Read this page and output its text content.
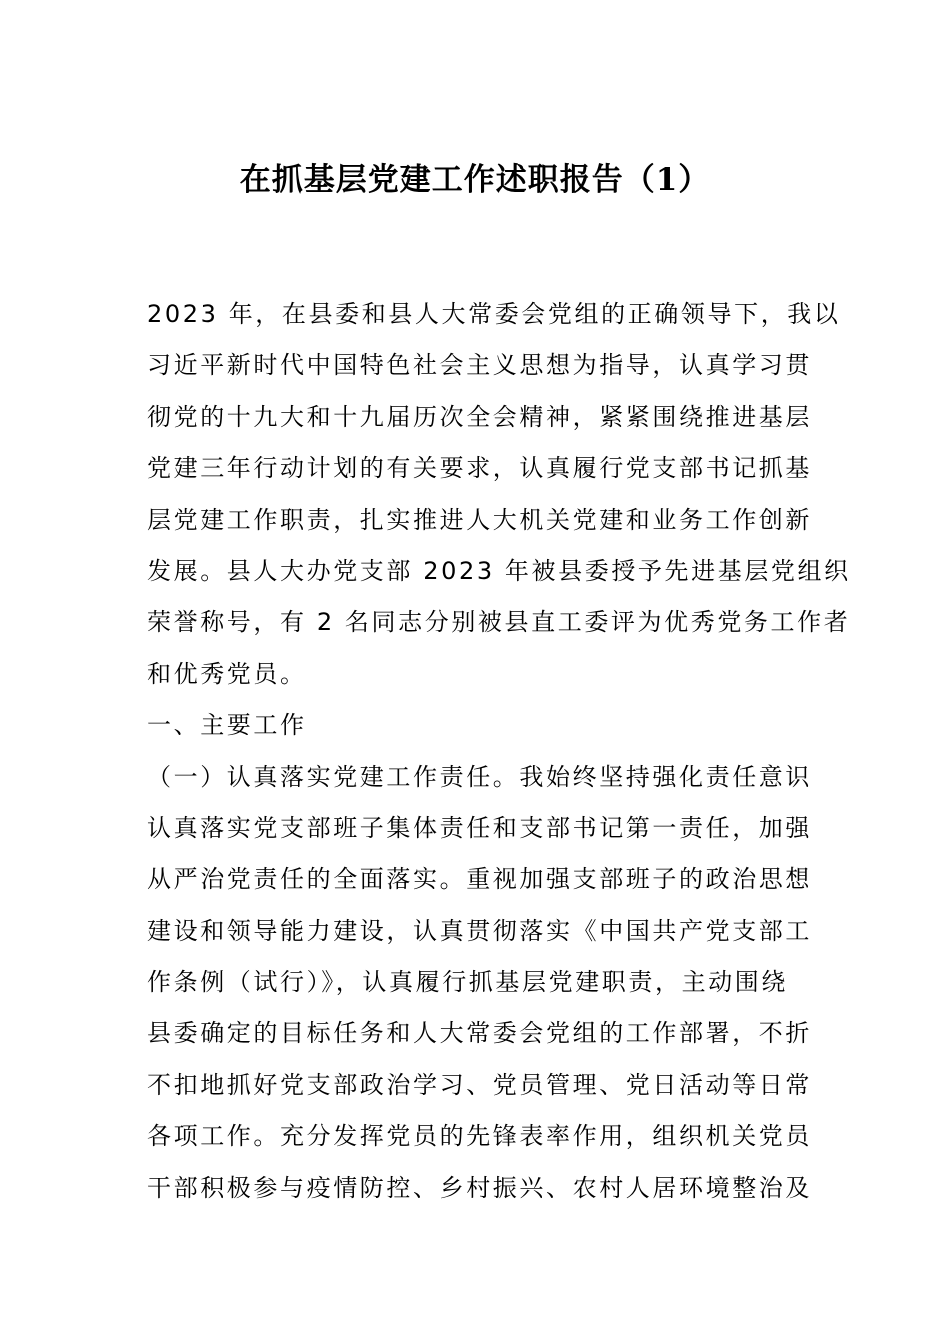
在抓基层党建工作述职报告（1）
2023 年，在县委和县人大常委会党组的正确领导下，我以
习近平新时代中国特色社会主义思想为指导，认真学习贯
彻党的十九大和十九届历次全会精神，紧紧围绕推进基层
党建三年行动计划的有关要求，认真履行党支部书记抓基
层党建工作职责，扎实推进人大机关党建和业务工作创新
发展。县人大办党支部 2023 年被县委授予先进基层党组织
荣誉称号，有 2 名同志分别被县直工委评为优秀党务工作者
和优秀党员。
一、主要工作
（一）认真落实党建工作责任。我始终坚持强化责任意识
认真落实党支部班子集体责任和支部书记第一责任，加强
从严治党责任的全面落实。重视加强支部班子的政治思想
建设和领导能力建设，认真贯彻落实《中国共产党支部工
作条例（试行）》，认真履行抓基层党建职责，主动围绕
县委确定的目标任务和人大常委会党组的工作部署，不折
不扣地抓好党支部政治学习、党员管理、党日活动等日常
各项工作。充分发挥党员的先锋表率作用，组织机关党员
干部积极参与疫情防控、乡村振兴、农村人居环境整治及
